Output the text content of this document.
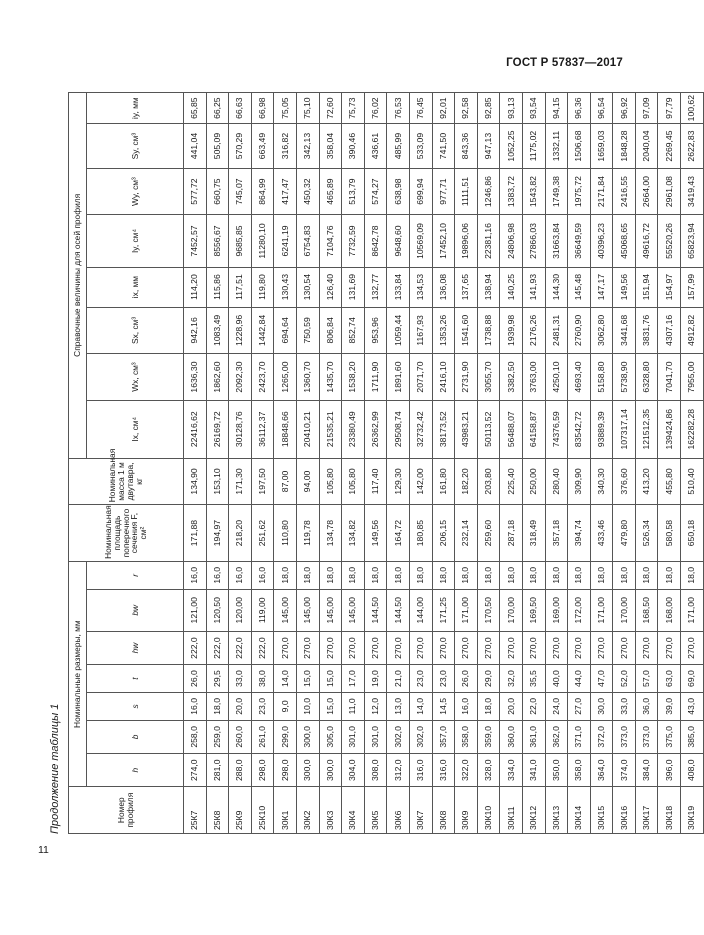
ГОСТ Р 57837—2017
Продолжение таблицы 1	Номер профиля	Номинальные размеры, мм							Номинальная площадь поперечного сечения F, см²	Номинальная масса 1 м двутавра, кг	Справочные величины для осей профиля							
	h	b	s	t	hw	bw	r			Ix, см⁴	Wx, см³	Sx, см³	ix, мм	Iy, см⁴	Wy, см³	Sy, см³	iy, мм
25К7	274,0	258,0	16,0	26,0	222,0	121,00	16,0	171,88	134,90	22416,62	1636,30	942,16	114,20	7452,57	577,72	441,04	65,85
25К8	281,0	259,0	18,0	29,5	222,0	120,50	16,0	194,97	153,10	26169,72	1862,60	1083,49	115,86	8556,67	660,75	505,09	66,25
25К9	288,0	260,0	20,0	33,0	222,0	120,00	16,0	218,20	171,30	30128,76	2092,30	1228,96	117,51	9685,85	745,07	570,29	66,63
25К10	298,0	261,0	23,0	38,0	222,0	119,00	16,0	251,62	197,50	36112,37	2423,70	1442,84	119,80	11280,10	864,99	663,49	66,98
30К1	298,0	299,0	9,0	14,0	270,0	145,00	18,0	110,80	87,00	18848,66	1265,00	694,64	130,43	6241,19	417,47	316,82	75,05
30К2	300,0	300,0	10,0	15,0	270,0	145,00	18,0	119,78	94,00	20410,21	1360,70	750,59	130,54	6754,83	450,32	342,13	75,10
30К3	300,0	305,0	15,0	15,0	270,0	145,00	18,0	134,78	105,80	21535,21	1435,70	806,84	126,40	7104,76	465,89	358,04	72,60
30К4	304,0	301,0	11,0	17,0	270,0	145,00	18,0	134,82	105,80	23380,49	1538,20	852,74	131,69	7732,59	513,79	390,46	75,73
30К5	308,0	301,0	12,0	19,0	270,0	144,50	18,0	149,56	117,40	26362,99	1711,90	953,96	132,77	8642,78	574,27	436,61	76,02
30К6	312,0	302,0	13,0	21,0	270,0	144,50	18,0	164,72	129,30	29508,74	1891,60	1059,44	133,84	9648,60	638,98	485,99	76,53
30К7	316,0	302,0	14,0	23,0	270,0	144,00	18,0	180,85	142,00	32732,42	2071,70	1167,93	134,53	10569,09	699,94	533,09	76,45
30К8	316,0	357,0	14,5	23,0	270,0	171,25	18,0	206,15	161,80	38173,52	2416,10	1353,26	136,08	17452,10	977,71	741,50	92,01
30К9	322,0	358,0	16,0	26,0	270,0	171,00	18,0	232,14	182,20	43983,21	2731,90	1541,60	137,65	19896,06	1111,51	843,36	92,58
30К10	328,0	359,0	18,0	29,0	270,0	170,50	18,0	259,60	203,80	50113,52	3055,70	1738,88	138,94	22381,16	1246,86	947,13	92,85
30К11	334,0	360,0	20,0	32,0	270,0	170,00	18,0	287,18	225,40	56488,07	3382,50	1939,98	140,25	24806,98	1383,72	1052,25	93,13
30К12	341,0	361,0	22,0	35,5	270,0	169,50	18,0	318,49	250,00	64158,87	3763,00	2176,26	141,93	27866,03	1543,82	1175,02	93,54
30К13	350,0	362,0	24,0	40,0	270,0	169,00	18,0	357,18	280,40	74376,59	4250,10	2481,31	144,30	31663,84	1749,38	1332,11	94,15
30К14	358,0	371,0	27,0	44,0	270,0	172,00	18,0	394,74	309,90	83542,72	4693,40	2760,90	145,48	36649,59	1975,72	1506,68	96,36
30К15	364,0	372,0	30,0	47,0	270,0	171,00	18,0	433,46	340,30	93889,39	5158,80	3062,80	147,17	40396,23	2171,84	1659,03	96,54
30К16	374,0	373,0	33,0	52,0	270,0	170,00	18,0	479,80	376,60	107317,14	5738,90	3441,68	149,56	45068,65	2416,55	1848,28	96,92
30К17	384,0	373,0	36,0	57,0	270,0	168,50	18,0	526,34	413,20	121512,35	6328,80	3831,76	151,94	49616,72	2664,00	2040,04	97,09
30К18	396,0	375,0	39,0	63,0	270,0	168,00	18,0	580,58	455,80	139424,86	7041,70	4307,16	154,97	55520,26	2961,08	2269,45	97,79
30К19	408,0	385,0	43,0	69,0	270,0	171,00	18,0	650,18	510,40	162282,28	7955,00	4912,82	157,99	65823,94	3419,43	2622,83	100,62
11
